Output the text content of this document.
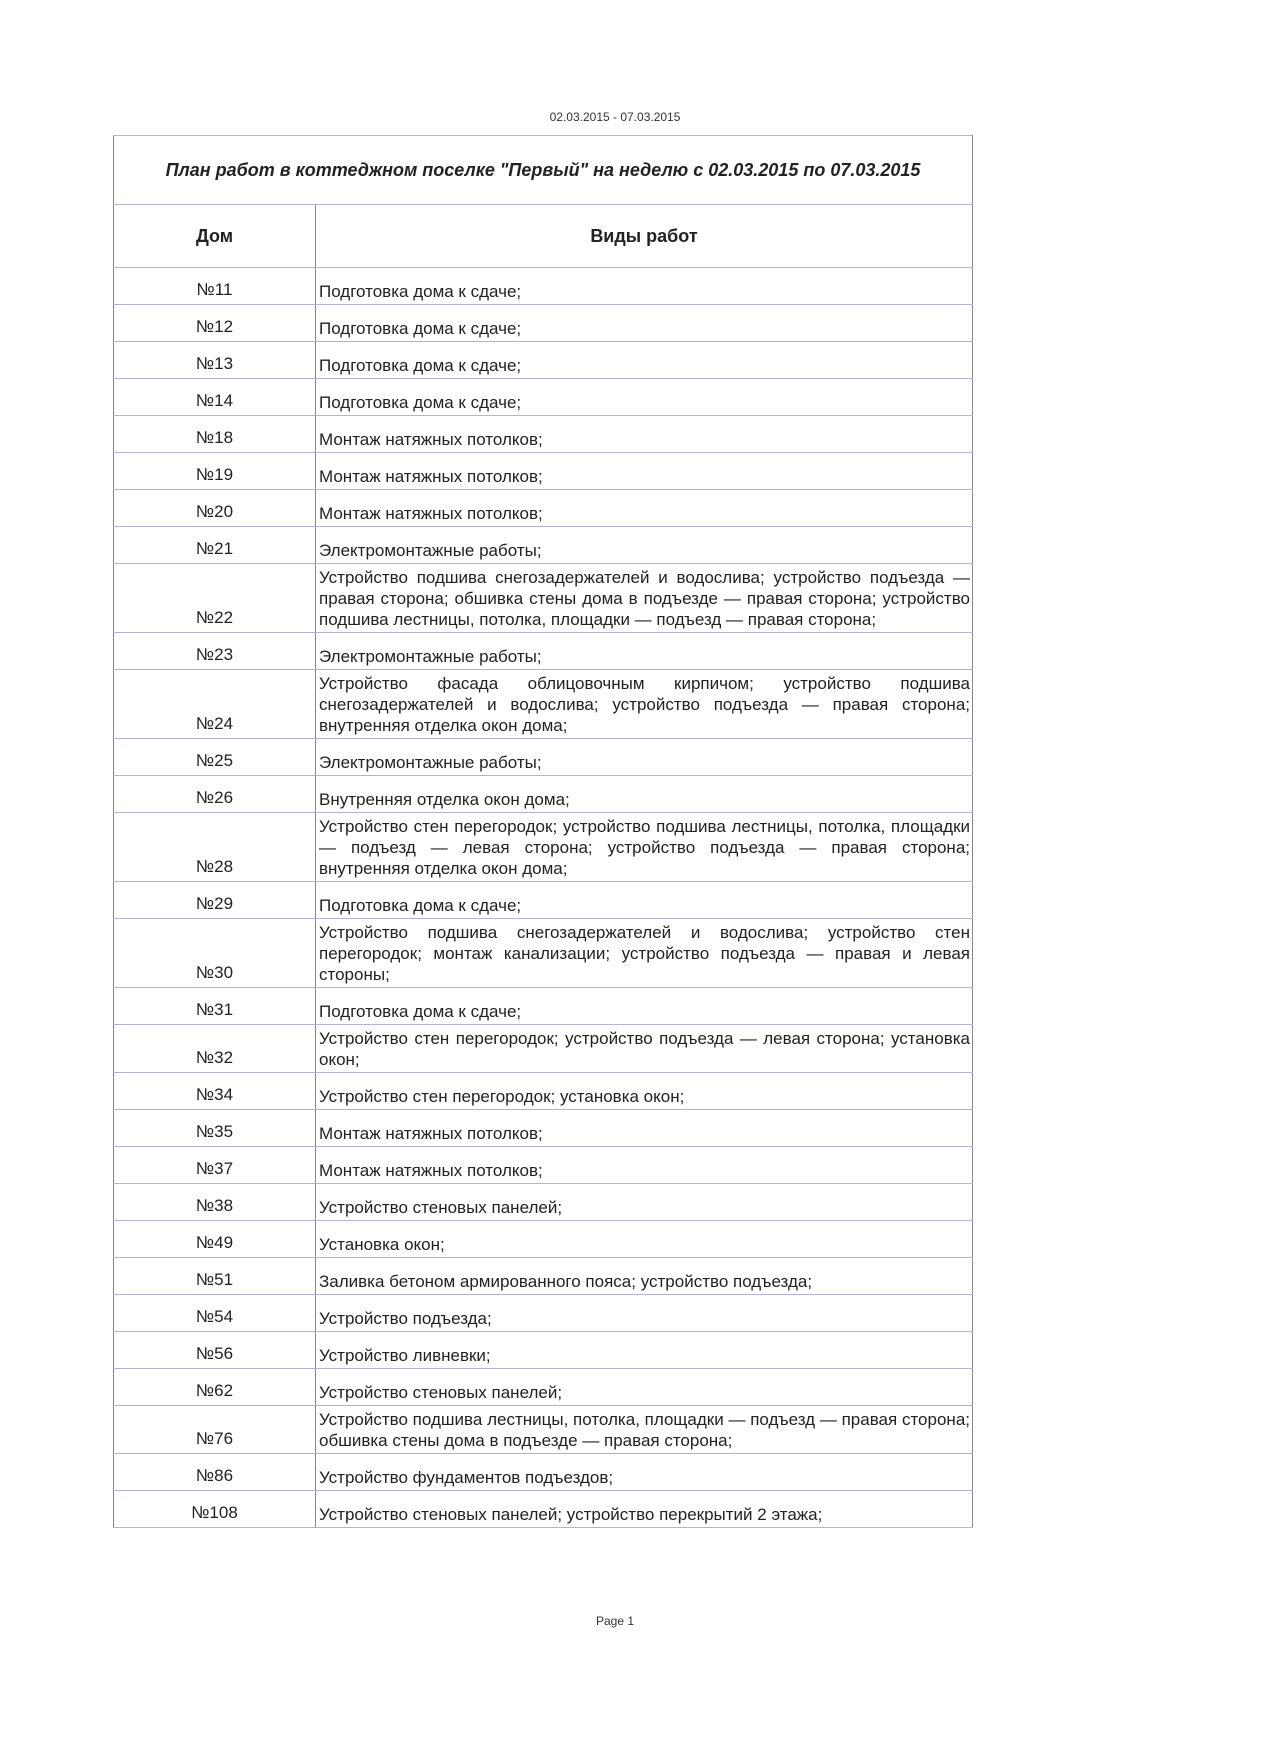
02.03.2015 - 07.03.2015
План работ в коттеджном поселке "Первый" на неделю с 02.03.2015 по 07.03.2015	
Дом	Виды работ
№11	Подготовка дома к сдаче;
№12	Подготовка дома к сдаче;
№13	Подготовка дома к сдаче;
№14	Подготовка дома к сдаче;
№18	Монтаж натяжных потолков;
№19	Монтаж натяжных потолков;
№20	Монтаж натяжных потолков;
№21	Электромонтажные работы;
№22	Устройство подшива снегозадержателей и водослива; устройство подъезда — правая сторона; обшивка стены дома в подъезде — правая сторона; устройство подшива лестницы, потолка, площадки — подъезд — правая сторона;
№23	Электромонтажные работы;
№24	Устройство фасада облицовочным кирпичом; устройство подшива снегозадержателей и водослива; устройство подъезда — правая сторона; внутренняя отделка окон дома;
№25	Электромонтажные работы;
№26	Внутренняя отделка окон дома;
№28	Устройство стен перегородок; устройство подшива лестницы, потолка, площадки — подъезд — левая сторона; устройство подъезда — правая сторона; внутренняя отделка окон дома;
№29	Подготовка дома к сдаче;
№30	Устройство подшива снегозадержателей и водослива; устройство стен перегородок; монтаж канализации; устройство подъезда — правая и левая стороны;
№31	Подготовка дома к сдаче;
№32	Устройство стен перегородок; устройство подъезда — левая сторона; установка окон;
№34	Устройство стен перегородок; установка окон;
№35	Монтаж натяжных потолков;
№37	Монтаж натяжных потолков;
№38	Устройство стеновых панелей;
№49	Установка окон;
№51	Заливка бетоном армированного пояса; устройство подъезда;
№54	Устройство подъезда;
№56	Устройство ливневки;
№62	Устройство стеновых панелей;
№76	Устройство подшива лестницы, потолка, площадки — подъезд — правая сторона; обшивка стены дома в подъезде — правая сторона;
№86	Устройство фундаментов подъездов;
№108	Устройство стеновых панелей; устройство перекрытий 2 этажа;
Page 1
